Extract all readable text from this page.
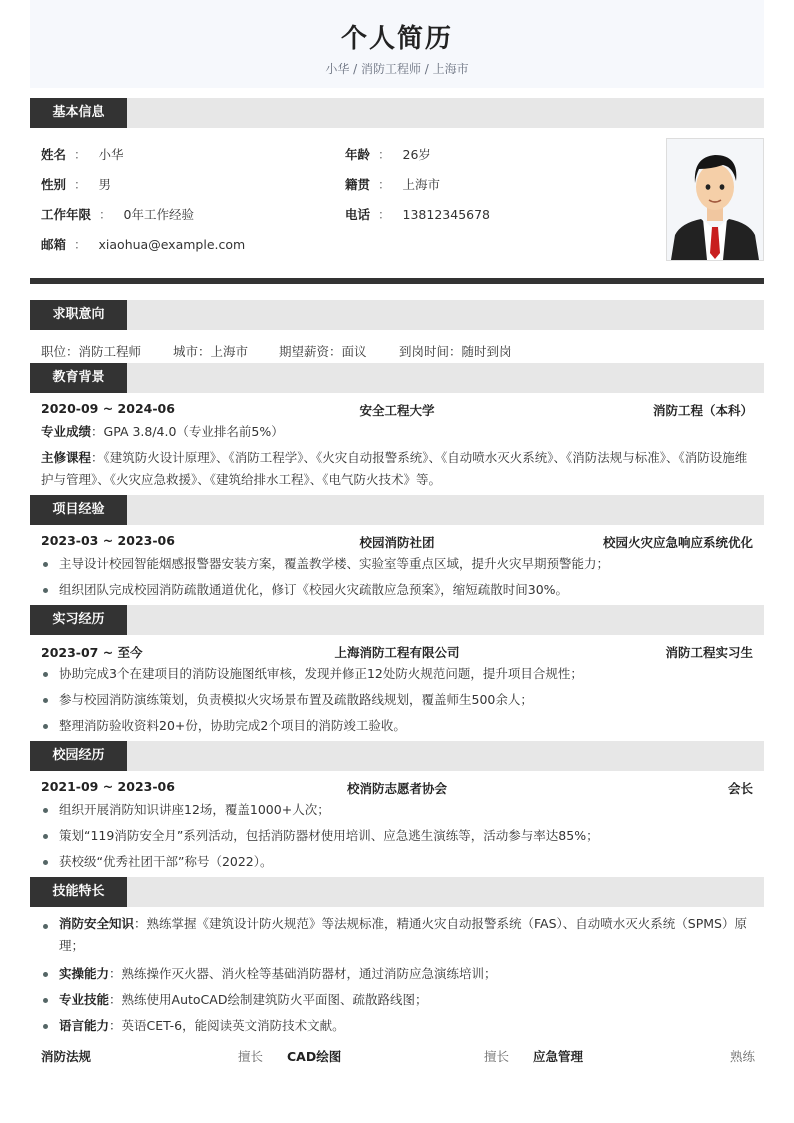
个人简历
小华 / 消防工程师 / 上海市
基本信息
姓名 ： 小华	年龄 ： 26岁
性别 ： 男	籍贯 ： 上海市
工作年限 ： 0年工作经验	电话 ： 13812345678
邮箱 ： xiaohua@example.com
求职意向
职位：消防工程师	城市：上海市 期望薪资：面议	到岗时间：随时到岗
教育背景
2020-09 ~ 2024-06	安全工程大学	消防工程（本科）
专业成绩：GPA 3.8/4.0（专业排名前5%）
主修课程：《建筑防火设计原理》、《消防工程学》、《火灾自动报警系统》、《自动喷水灭火系统》、《消防法规与标准》、《消防设施维护与管理》、《火灾应急救援》、《建筑给排水工程》、《电气防火技术》等。
项目经验
2023-03 ~ 2023-06	校园消防社团	校园火灾应急响应系统优化
主导设计校园智能烟感报警器安装方案，覆盖教学楼、实验室等重点区域，提升火灾早期预警能力；
组织团队完成校园消防疏散通道优化，修订《校园火灾疏散应急预案》，缩短疏散时间30%。
实习经历
2023-07 ~ 至今	上海消防工程有限公司	消防工程实习生
协助完成3个在建项目的消防设施图纸审核，发现并修正12处防火规范问题，提升项目合规性；
参与校园消防演练策划，负责模拟火灾场景布置及疏散路线规划，覆盖师生500余人；
整理消防验收资料20+份，协助完成2个项目的消防竣工验收。
校园经历
2021-09 ~ 2023-06	校消防志愿者协会	会长
组织开展消防知识讲座12场，覆盖1000+人次；
策划“119消防安全月”系列活动，包括消防器材使用培训、应急逃生演练等，活动参与率达85%；
获校级“优秀社团干部”称号（2022）。
技能特长
消防安全知识：熟练掌握《建筑设计防火规范》等法规标准，精通火灾自动报警系统（FAS）、自动喷水灭火系统（SPMS）原理；
实操能力：熟练操作灭火器、消火栓等基础消防器材，通过消防应急演练培训；
专业技能：熟练使用AutoCAD绘制建筑防火平面图、疏散路线图；
语言能力：英语CET-6，能阅读英文消防技术文献。
消防法规	擅长 CAD绘图	擅长 应急管理	熟练
